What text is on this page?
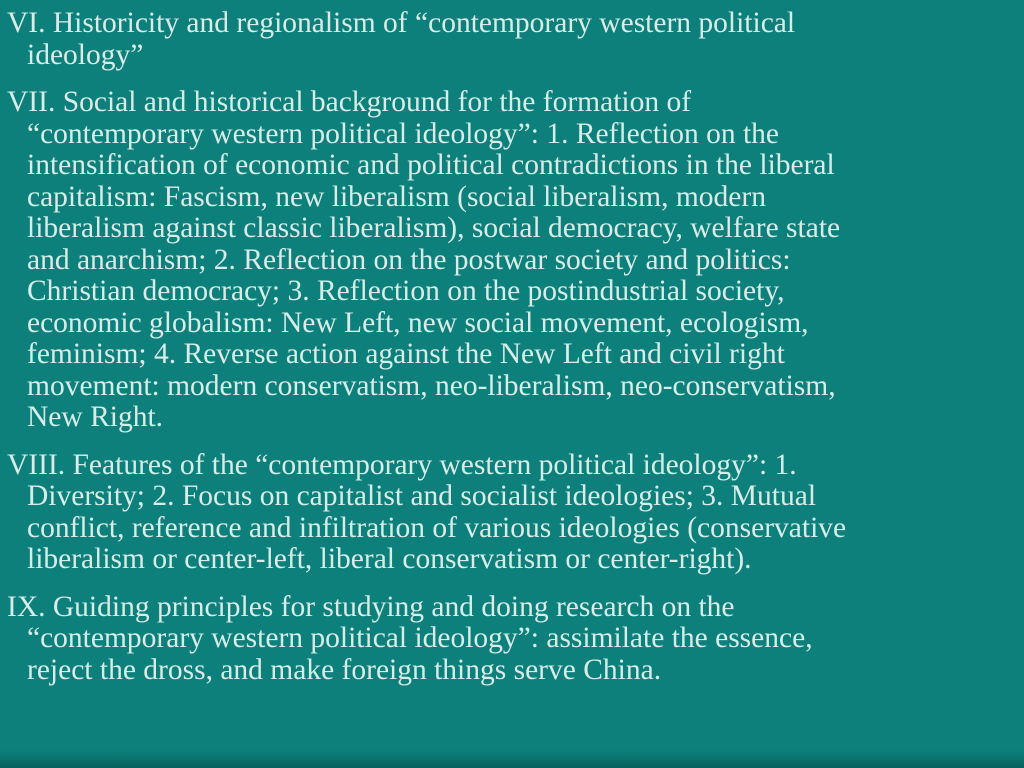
VI. Historicity and regionalism of “contemporary western political
ideology”

VII. Social and historical background for the formation of
“contemporary western political ideology”: 1. Reflection on the
intensification of economic and political contradictions in the liberal
capitalism: Fascism, new liberalism (social liberalism, modern
liberalism against classic liberalism), social democracy, welfare state
and anarchism; 2. Reflection on the postwar society and politics:
Christian democracy; 3. Reflection on the postindustrial society,
economic globalism: New Left, new social movement, ecologism,
feminism; 4. Reverse action against the New Left and civil right
movement: modern conservatism, neo-liberalism, neo-conservatism,
New Right.

VIII. Features of the “contemporary western political ideology”: 1.
Diversity; 2. Focus on capitalist and socialist ideologies; 3. Mutual
conflict, reference and infiltration of various ideologies (conservative
liberalism or center-left, liberal conservatism or center-right).

IX. Guiding principles for studying and doing research on the
“contemporary western political ideology”: assimilate the essence,
reject the dross, and make foreign things serve China.
